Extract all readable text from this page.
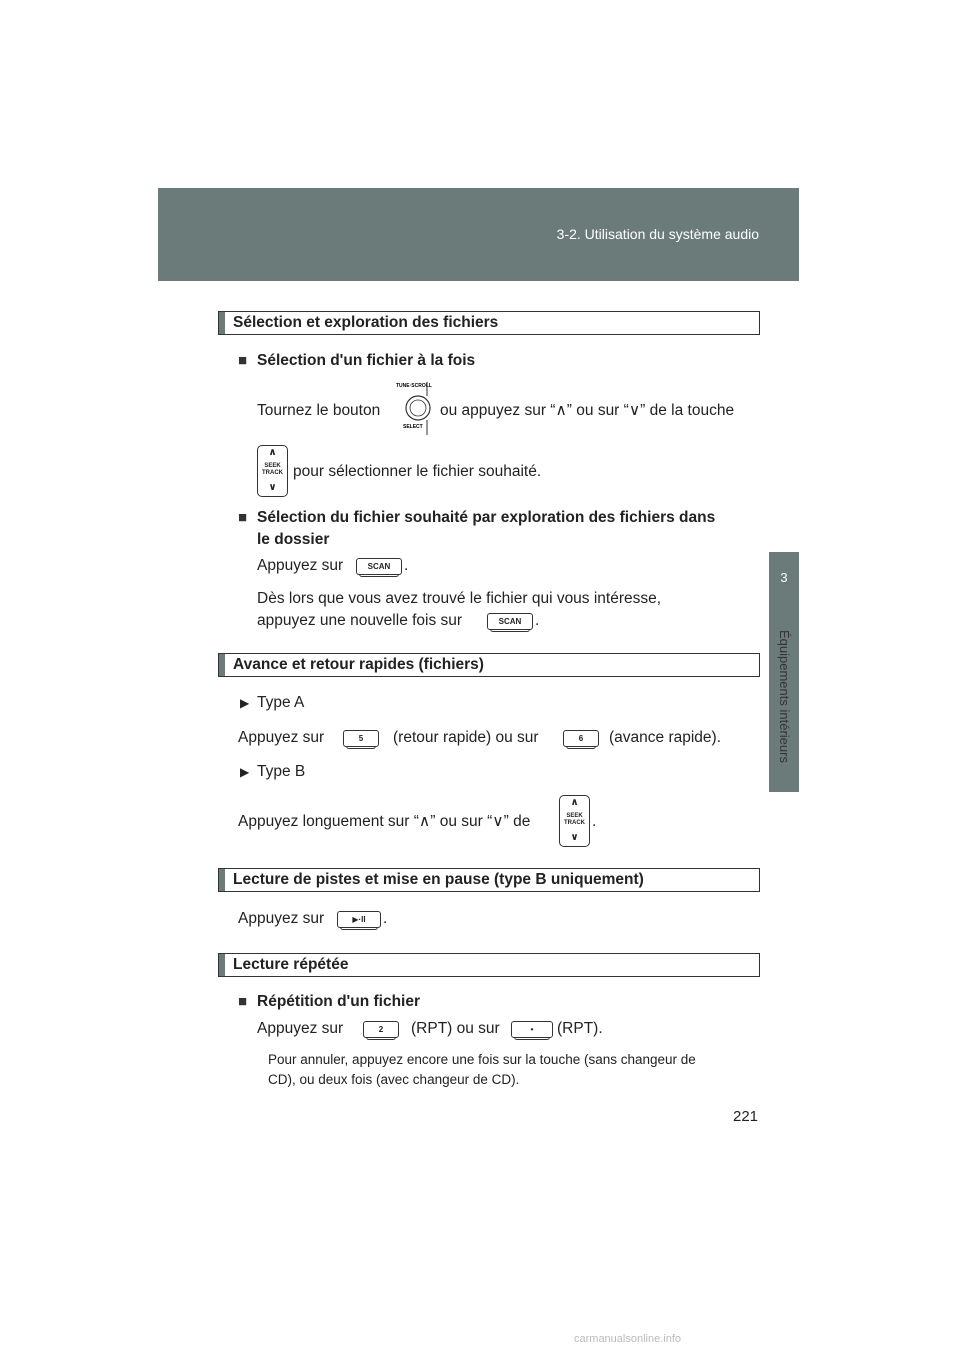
3-2. Utilisation du système audio
3
Équipements intérieurs
Sélection et exploration des fichiers
■ Sélection d'un fichier à la fois
Tournez le bouton
TUNE·SCROLL
SELECT
ou appuyez sur “∧” ou sur “∨” de la touche
∧
SEEK
TRACK
∨
pour sélectionner le fichier souhaité.
■ Sélection du fichier souhaité par exploration des fichiers dans
le dossier
Appuyez sur	SCAN .
Dès lors que vous avez trouvé le fichier qui vous intéresse,
appuyez une nouvelle fois sur	SCAN .
Avance et retour rapides (fichiers)
▶ Type A
Appuyez sur	5	(retour rapide) ou sur	6	(avance rapide).
▶ Type B
Appuyez longuement sur “∧” ou sur “∨” de
∧
SEEK
TRACK
∨
.
Lecture de pistes et mise en pause (type B uniquement)
Appuyez sur	▶·II	.
Lecture répétée
■ Répétition d'un fichier
Appuyez sur	2	(RPT) ou sur	•	(RPT).
Pour annuler, appuyez encore une fois sur la touche (sans changeur de
CD), ou deux fois (avec changeur de CD).
221
carmanualsonline.info
